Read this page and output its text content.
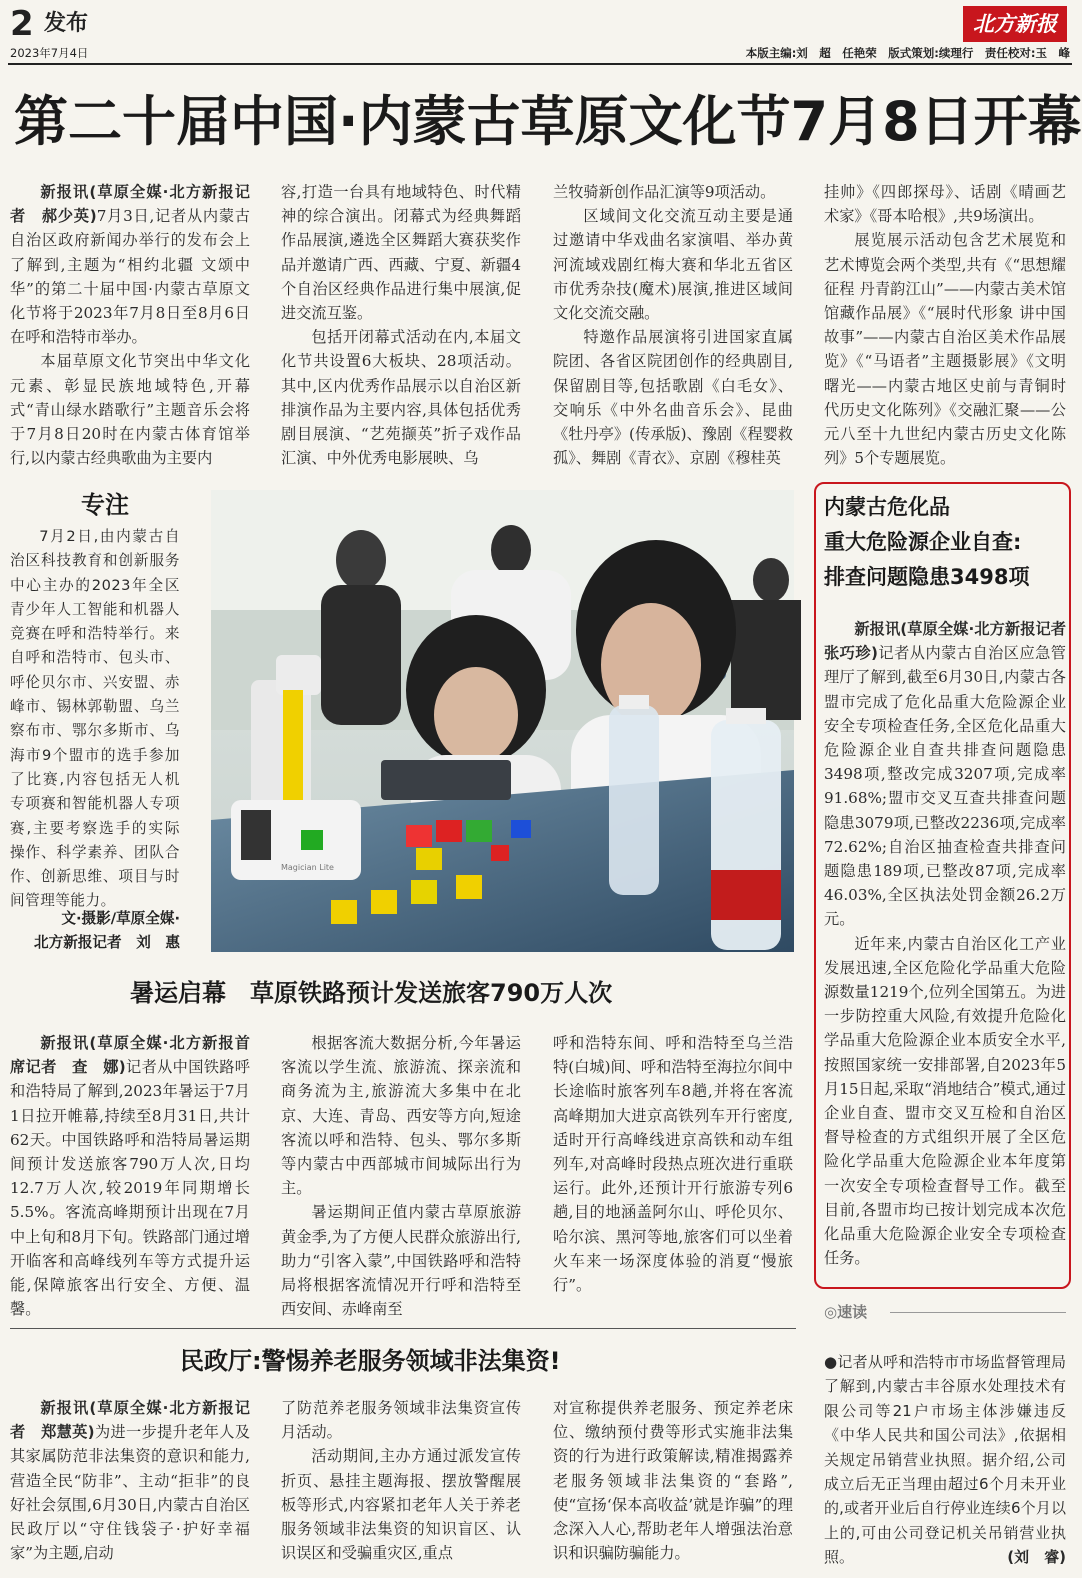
2 发布
2023年7月4日
北方新报
本版主编:刘　超　任艳荣　版式策划:续理行　责任校对:玉　峰
第二十届中国·内蒙古草原文化节7月8日开幕

新报讯(草原全媒·北方新报记者　郝少英)7月3日,记者从内蒙古自治区政府新闻办举行的发布会上了解到,主题为“相约北疆 文颂中华”的第二十届中国·内蒙古草原文化节将于2023年7月8日至8月6日在呼和浩特市举办。

本届草原文化节突出中华文化元素、彰显民族地域特色,开幕式“青山绿水踏歌行”主题音乐会将于7月8日20时在内蒙古体育馆举行,以内蒙古经典歌曲为主要内

容,打造一台具有地域特色、时代精神的综合演出。闭幕式为经典舞蹈作品展演,遴选全区舞蹈大赛获奖作品并邀请广西、西藏、宁夏、新疆4个自治区经典作品进行集中展演,促进交流互鉴。

包括开闭幕式活动在内,本届文化节共设置6大板块、28项活动。其中,区内优秀作品展示以自治区新排演作品为主要内容,具体包括优秀剧目展演、“艺苑撷英”折子戏作品汇演、中外优秀电影展映、乌

兰牧骑新创作品汇演等9项活动。

区域间文化交流互动主要是通过邀请中华戏曲名家演唱、举办黄河流域戏剧红梅大赛和华北五省区市优秀杂技(魔术)展演,推进区域间文化交流交融。

特邀作品展演将引进国家直属院团、各省区院团创作的经典剧目,保留剧目等,包括歌剧《白毛女》、交响乐《中外名曲音乐会》、昆曲《牡丹亭》(传承版)、豫剧《程婴救孤》、舞剧《青衣》、京剧《穆桂英

挂帅》《四郎探母》、话剧《晴画艺术家》《哥本哈根》,共9场演出。

展览展示活动包含艺术展览和艺术博览会两个类型,共有《“思想耀征程 丹青韵江山”——内蒙古美术馆馆藏作品展》《“展时代形象 讲中国故事”——内蒙古自治区美术作品展览》《“马语者”主题摄影展》《文明曙光——内蒙古地区史前与青铜时代历史文化陈列》《交融汇聚——公元八至十九世纪内蒙古历史文化陈列》5个专题展览。

专注

7月2日,由内蒙古自治区科技教育和创新服务中心主办的2023年全区青少年人工智能和机器人竞赛在呼和浩特举行。来自呼和浩特市、包头市、呼伦贝尔市、兴安盟、赤峰市、锡林郭勒盟、乌兰察布市、鄂尔多斯市、乌海市9个盟市的选手参加了比赛,内容包括无人机专项赛和智能机器人专项赛,主要考察选手的实际操作、科学素养、团队合作、创新思维、项目与时间管理等能力。

文·摄影/草原全媒·
北方新报记者　刘　惠
Magician Lite
内蒙古危化品
重大危险源企业自查:
排查问题隐患3498项

新报讯(草原全媒·北方新报记者　张巧珍)记者从内蒙古自治区应急管理厅了解到,截至6月30日,内蒙古各盟市完成了危化品重大危险源企业安全专项检查任务,全区危化品重大危险源企业自查共排查问题隐患3498项,整改完成3207项,完成率91.68%;盟市交叉互查共排查问题隐患3079项,已整改2236项,完成率72.62%;自治区抽查检查共排查问题隐患189项,已整改87项,完成率46.03%,全区执法处罚金额26.2万元。

近年来,内蒙古自治区化工产业发展迅速,全区危险化学品重大危险源数量1219个,位列全国第五。为进一步防控重大风险,有效提升危险化学品重大危险源企业本质安全水平,按照国家统一安排部署,自2023年5月15日起,采取“消地结合”模式,通过企业自查、盟市交叉互检和自治区督导检查的方式组织开展了全区危险化学品重大危险源企业本年度第一次安全专项检查督导工作。截至目前,各盟市均已按计划完成本次危化品重大危险源企业安全专项检查任务。

暑运启幕　草原铁路预计发送旅客790万人次

新报讯(草原全媒·北方新报首席记者　查　娜)记者从中国铁路呼和浩特局了解到,2023年暑运于7月1日拉开帷幕,持续至8月31日,共计62天。中国铁路呼和浩特局暑运期间预计发送旅客790万人次,日均12.7万人次,较2019年同期增长5.5%。客流高峰期预计出现在7月中上旬和8月下旬。铁路部门通过增开临客和高峰线列车等方式提升运能,保障旅客出行安全、方便、温馨。

根据客流大数据分析,今年暑运客流以学生流、旅游流、探亲流和商务流为主,旅游流大多集中在北京、大连、青岛、西安等方向,短途客流以呼和浩特、包头、鄂尔多斯等内蒙古中西部城市间城际出行为主。

暑运期间正值内蒙古草原旅游黄金季,为了方便人民群众旅游出行,助力“引客入蒙”,中国铁路呼和浩特局将根据客流情况开行呼和浩特至西安间、赤峰南至

呼和浩特东间、呼和浩特至乌兰浩特(白城)间、呼和浩特至海拉尔间中长途临时旅客列车8趟,并将在客流高峰期加大进京高铁列车开行密度,适时开行高峰线进京高铁和动车组列车,对高峰时段热点班次进行重联运行。此外,还预计开行旅游专列6趟,目的地涵盖阿尔山、呼伦贝尔、哈尔滨、黑河等地,旅客们可以坐着火车来一场深度体验的消夏“慢旅行”。

民政厅:警惕养老服务领域非法集资!

新报讯(草原全媒·北方新报记者　郑慧英)为进一步提升老年人及其家属防范非法集资的意识和能力,营造全民“防非”、主动“拒非”的良好社会氛围,6月30日,内蒙古自治区民政厅以“守住钱袋子·护好幸福家”为主题,启动

了防范养老服务领域非法集资宣传月活动。

活动期间,主办方通过派发宣传折页、悬挂主题海报、摆放警醒展板等形式,内容紧扣老年人关于养老服务领域非法集资的知识盲区、认识误区和受骗重灾区,重点

对宣称提供养老服务、预定养老床位、缴纳预付费等形式实施非法集资的行为进行政策解读,精准揭露养老服务领域非法集资的“套路”,使“宣扬‘保本高收益’就是诈骗”的理念深入人心,帮助老年人增强法治意识和识骗防骗能力。

◎速读

●记者从呼和浩特市市场监督管理局了解到,内蒙古丰谷原水处理技术有限公司等21户市场主体涉嫌违反《中华人民共和国公司法》,依据相关规定吊销营业执照。据介绍,公司成立后无正当理由超过6个月未开业的,或者开业后自行停业连续6个月以上的,可由公司登记机关吊销营业执照。	(刘　睿)
